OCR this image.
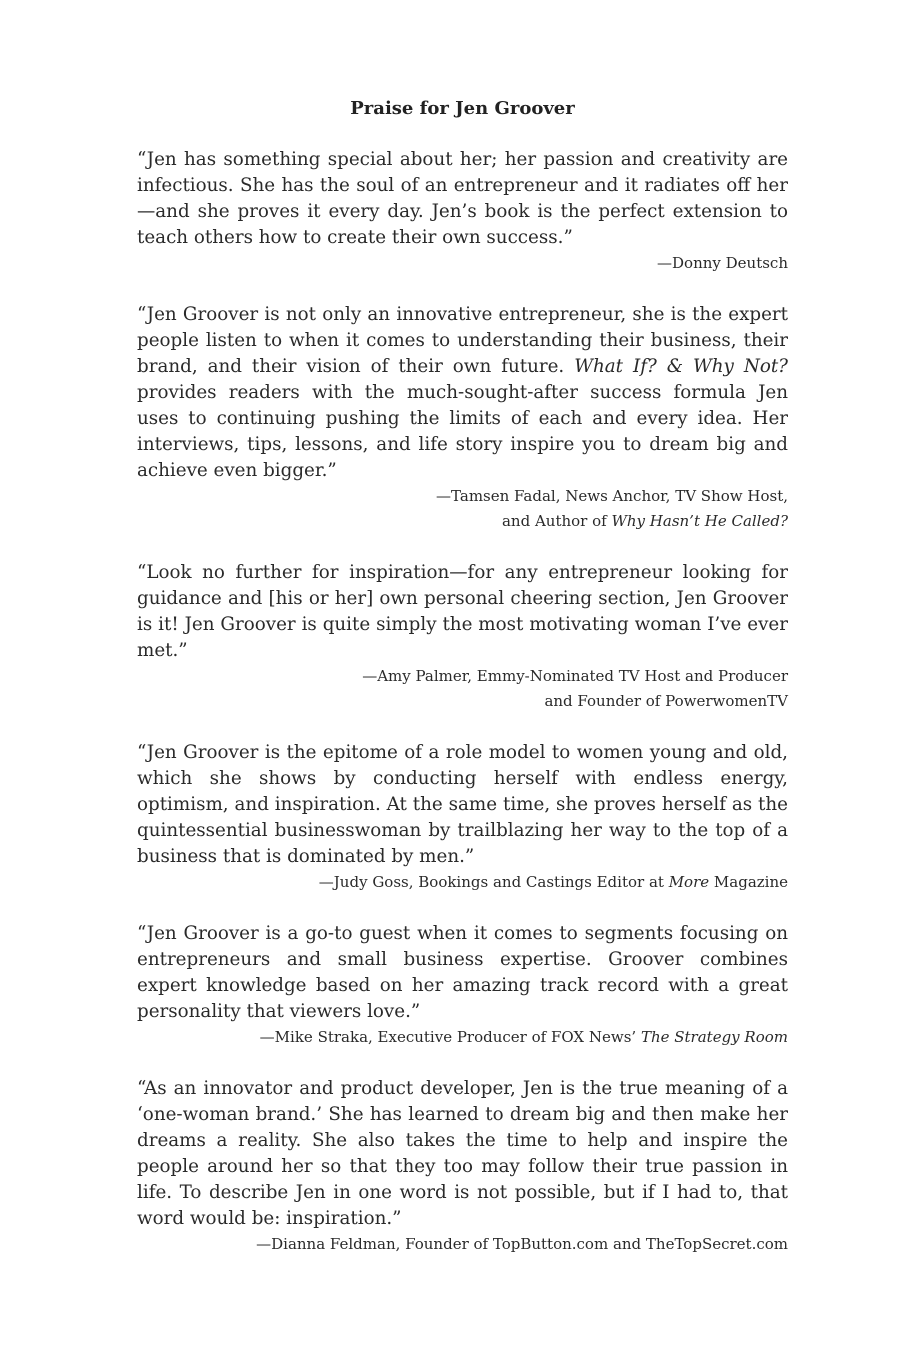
Praise for Jen Groover

“Jen has something special about her; her passion and creativity are infectious. She has the soul of an entrepreneur and it radiates off her—and she proves it every day. Jen’s book is the perfect extension to teach others how to create their own success.”

—Donny Deutsch

“Jen Groover is not only an innovative entrepreneur, she is the expert people listen to when it comes to understanding their business, their brand, and their vision of their own future. What If? & Why Not? provides readers with the much-sought-after success formula Jen uses to continuing pushing the limits of each and every idea. Her interviews, tips, lessons, and life story inspire you to dream big and achieve even bigger.”

—Tamsen Fadal, News Anchor, TV Show Host,
and Author of Why Hasn’t He Called?

“Look no further for inspiration—for any entrepreneur looking for guidance and [his or her] own personal cheering section, Jen Groover is it! Jen Groover is quite simply the most motivating woman I’ve ever met.”

—Amy Palmer, Emmy-Nominated TV Host and Producer
and Founder of PowerwomenTV

“Jen Groover is the epitome of a role model to women young and old, which she shows by conducting herself with endless energy, optimism, and inspiration. At the same time, she proves herself as the quintessential businesswoman by trailblazing her way to the top of a business that is dominated by men.”

—Judy Goss, Bookings and Castings Editor at More Magazine

“Jen Groover is a go-to guest when it comes to segments focusing on entrepreneurs and small business expertise. Groover combines expert knowledge based on her amazing track record with a great personality that viewers love.”

—Mike Straka, Executive Producer of FOX News’ The Strategy Room

“As an innovator and product developer, Jen is the true meaning of a ‘one-woman brand.’ She has learned to dream big and then make her dreams a reality. She also takes the time to help and inspire the people around her so that they too may follow their true passion in life. To describe Jen in one word is not possible, but if I had to, that word would be: inspiration.”

—Dianna Feldman, Founder of TopButton.com and TheTopSecret.com
